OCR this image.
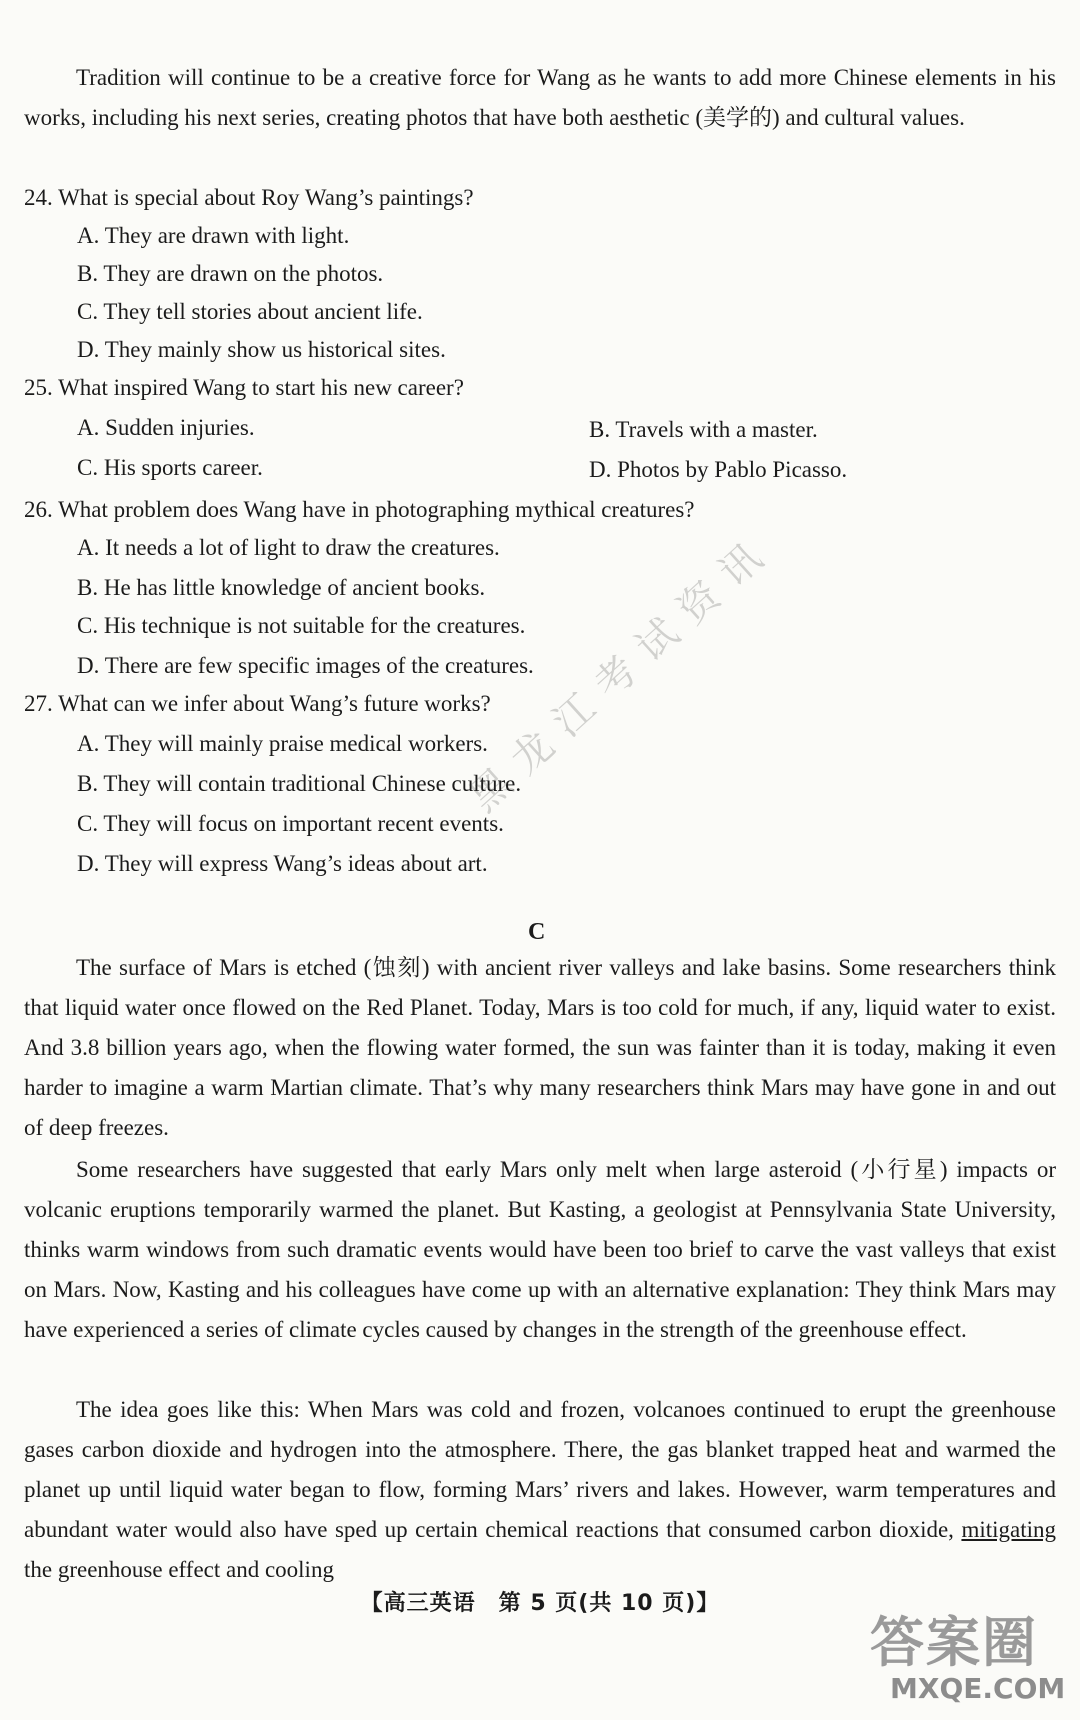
Tradition will continue to be a creative force for Wang as he wants to add more Chinese elements in his works, including his next series, creating photos that have both aesthetic (美学的) and cultural values.

24. What is special about Roy Wang’s paintings?

A. They are drawn with light.

B. They are drawn on the photos.

C. They tell stories about ancient life.

D. They mainly show us historical sites.

25. What inspired Wang to start his new career?

A. Sudden injuries.	B. Travels with a master.

C. His sports career.	D. Photos by Pablo Picasso.

26. What problem does Wang have in photographing mythical creatures?

A. It needs a lot of light to draw the creatures.

B. He has little knowledge of ancient books.

C. His technique is not suitable for the creatures.

D. There are few specific images of the creatures.

27. What can we infer about Wang’s future works?

A. They will mainly praise medical workers.

B. They will contain traditional Chinese culture.

C. They will focus on important recent events.

D. They will express Wang’s ideas about art.

C

The surface of Mars is etched (蚀刻) with ancient river valleys and lake basins. Some researchers think that liquid water once flowed on the Red Planet. Today, Mars is too cold for much, if any, liquid water to exist. And 3.8 billion years ago, when the flowing water formed, the sun was fainter than it is today, making it even harder to imagine a warm Martian climate. That’s why many researchers think Mars may have gone in and out of deep freezes.

Some researchers have suggested that early Mars only melt when large asteroid (小行星) impacts or volcanic eruptions temporarily warmed the planet. But Kasting, a geologist at Pennsylvania State University, thinks warm windows from such dramatic events would have been too brief to carve the vast valleys that exist on Mars. Now, Kasting and his colleagues have come up with an alternative explanation: They think Mars may have experienced a series of climate cycles caused by changes in the strength of the greenhouse effect.

The idea goes like this: When Mars was cold and frozen, volcanoes continued to erupt the greenhouse gases carbon dioxide and hydrogen into the atmosphere. There, the gas blanket trapped heat and warmed the planet up until liquid water began to flow, forming Mars’ rivers and lakes. However, warm temperatures and abundant water would also have sped up certain chemical reactions that consumed carbon dioxide, mitigating the greenhouse effect and cooling

【高三英语　第 5 页(共 10 页)】
黑龙江考试资讯
答案圈
MXQE.COM
